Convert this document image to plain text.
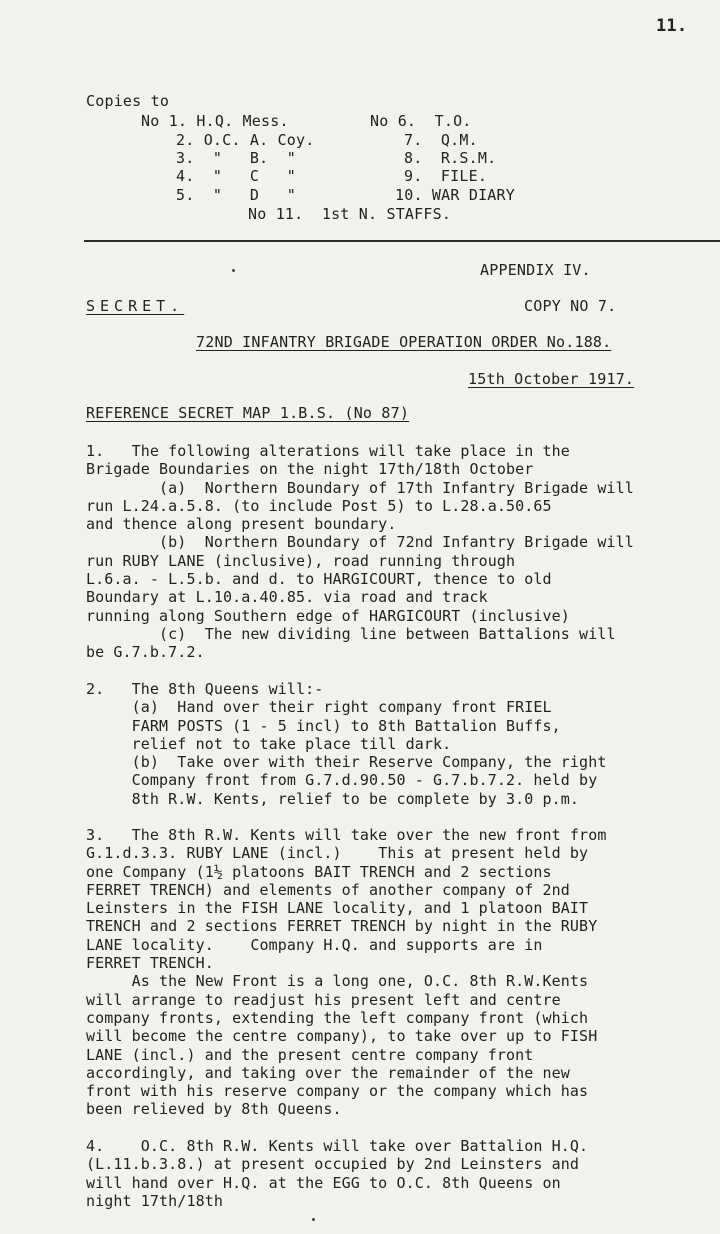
11.
Copies to
No 1. H.Q. Mess.	No 6.  T.O.
2. O.C. A. Coy.	7.  Q.M.
3.  "   B.  "	8.  R.S.M.
4.  "   C   "	9.  FILE.
5.  "   D   "	10. WAR DIARY
No 11.  1st N. STAFFS.
APPENDIX IV.
SECRET.	COPY NO 7.
72ND INFANTRY BRIGADE OPERATION ORDER No.188.
15th October 1917.
REFERENCE SECRET MAP 1.B.S. (No 87)
1.   The following alterations will take place in the
Brigade Boundaries on the night 17th/18th October
(a)  Northern Boundary of 17th Infantry Brigade will
run L.24.a.5.8. (to include Post 5) to L.28.a.50.65
and thence along present boundary.
(b)  Northern Boundary of 72nd Infantry Brigade will
run RUBY LANE (inclusive), road running through
L.6.a. - L.5.b. and d. to HARGICOURT, thence to old
Boundary at L.10.a.40.85. via road and track
running along Southern edge of HARGICOURT (inclusive)
(c)  The new dividing line between Battalions will
be G.7.b.7.2.
2.   The 8th Queens will:-
(a)  Hand over their right company front FRIEL
FARM POSTS (1 - 5 incl) to 8th Battalion Buffs,
relief not to take place till dark.
(b)  Take over with their Reserve Company, the right
Company front from G.7.d.90.50 - G.7.b.7.2. held by
8th R.W. Kents, relief to be complete by 3.0 p.m.
3.   The 8th R.W. Kents will take over the new front from
G.1.d.3.3. RUBY LANE (incl.)    This at present held by
one Company (1½ platoons BAIT TRENCH and 2 sections
FERRET TRENCH) and elements of another company of 2nd
Leinsters in the FISH LANE locality, and 1 platoon BAIT
TRENCH and 2 sections FERRET TRENCH by night in the RUBY
LANE locality.    Company H.Q. and supports are in
FERRET TRENCH.
As the New Front is a long one, O.C. 8th R.W.Kents
will arrange to readjust his present left and centre
company fronts, extending the left company front (which
will become the centre company), to take over up to FISH
LANE (incl.) and the present centre company front
accordingly, and taking over the remainder of the new
front with his reserve company or the company which has
been relieved by 8th Queens.
4.    O.C. 8th R.W. Kents will take over Battalion H.Q.
(L.11.b.3.8.) at present occupied by 2nd Leinsters and
will hand over H.Q. at the EGG to O.C. 8th Queens on
night 17th/18th
